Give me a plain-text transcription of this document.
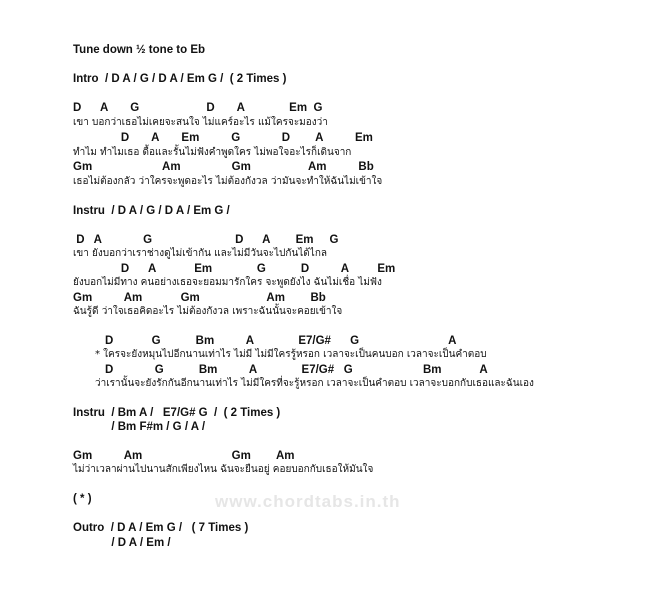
Tune down ½ tone to Eb
Intro  / D A / G / D A / Em G /  ( 2 Times )
D      A       G                     D       A              Em  G
เขา บอกว่าเธอไม่เคยจะสนใจ ไม่แคร์อะไร แม้ใครจะมองว่า
D       A       Em          G             D        A          Em
ทำไม ทำไมเธอ ดื้อและรั้นไม่ฟังคำพูดใคร ไม่พอใจอะไรก็เดินจาก
Gm                      Am                Gm                  Am          Bb
เธอไม่ต้องกลัว ว่าใครจะพูดอะไร ไม่ต้องกังวล ว่ามันจะทำให้ฉันไม่เข้าใจ
Instru  / D A / G / D A / Em G /
D   A             G                          D      A        Em     G
เขา ยังบอกว่าเราช่างดูไม่เข้ากัน และไม่มีวันจะไปกันได้ไกล
D      A            Em              G           D          A         Em
ยังบอกไม่มีทาง คนอย่างเธอจะยอมมารักใคร จะพูดยังไง ฉันไม่เชื่อ ไม่ฟัง
Gm          Am            Gm                     Am        Bb
ฉันรู้ดี ว่าใจเธอคิดอะไร ไม่ต้องกังวล เพราะฉันนั้นจะคอยเข้าใจ
D            G           Bm          A              E7/G#      G                            A
* ใครจะยังหมุนไปอีกนานเท่าไร ไม่มี ไม่มีใครรู้หรอก เวลาจะเป็นคนบอก เวลาจะเป็นคำตอบ
D             G           Bm          A              E7/G#   G                      Bm            A
ว่าเรานั้นจะยังรักกันอีกนานเท่าไร ไม่มีใครที่จะรู้หรอก เวลาจะเป็นคำตอบ เวลาจะบอกกับเธอและฉันเอง
Instru  / Bm A /   E7/G# G  /  ( 2 Times )
/ Bm F#m / G / A /
Gm          Am                            Gm        Am
ไม่ว่าเวลาผ่านไปนานสักเพียงไหน ฉันจะยืนอยู่ คอยบอกกับเธอให้มันใจ
( * )	www.chordtabs.in.th
Outro  / D A / Em G /   ( 7 Times )
/ D A / Em /
